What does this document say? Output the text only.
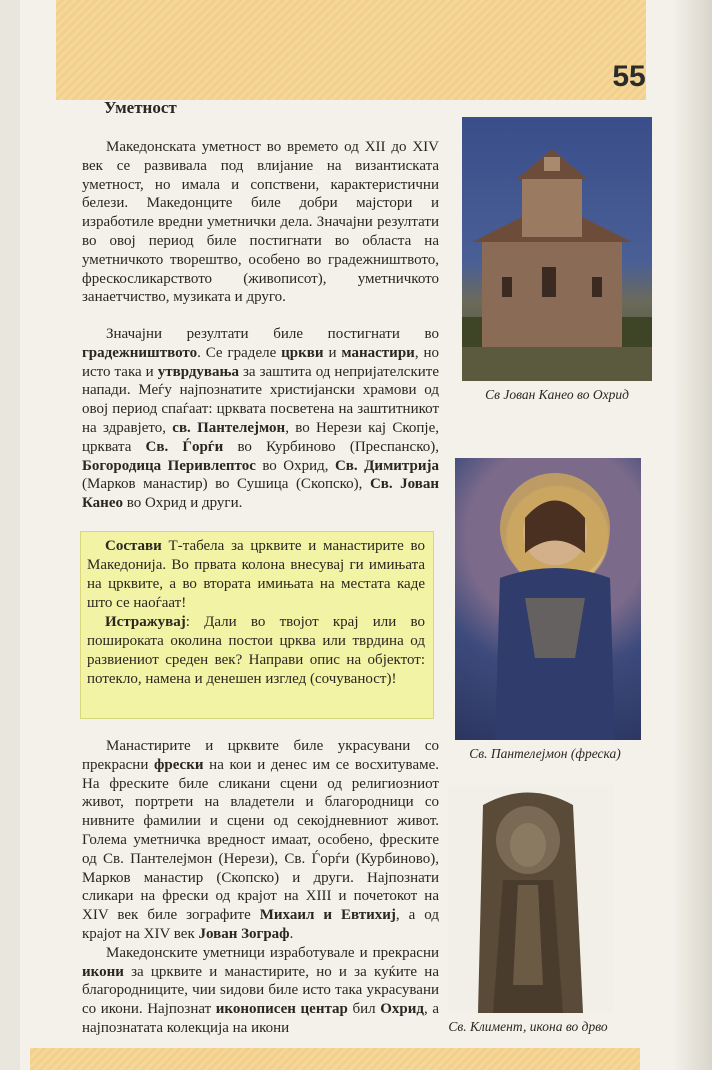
55
Уметност

Македонската уметност во времето од XII до XIV век се развивала под влијание на византиската уметност, но имала и сопствени, карактеристични белези. Македонците биле добри мајстори и изработиле вредни уметнички дела. Значајни резултати во овој период биле постигнати во областа на уметничкото творештво, особено во градежништвото, фрескосликарството (живописот), уметничкото занаетчиство, музиката и друго.

Значајни резултати биле постигнати во градежништвото. Се граделе цркви и манастири, но исто така и утврдувања за заштита од непријателските напади. Меѓу најпознатите христијански храмови од овој период спаѓаат: црквата посветена на заштитникот на здравјето, св. Пантелејмон, во Нерези кај Скопје, црквата Св. Ѓорѓи во Курбиново (Преспанско), Богородица Перивлептос во Охрид, Св. Димитрија (Марков манастир) во Сушица (Скопско), Св. Јован Канео во Охрид и други.

Состави Т-табела за црквите и манастирите во Македонија. Во првата колона внесувај ги имињата на црквите, а во втората имињата на местата каде што се наоѓаат!

Истражувај: Дали во твојот крај или во пошироката околина постои црква или тврдина од развиениот среден век? Направи опис на објектот: потекло, намена и денешен изглед (сочуваност)!

Манастирите и црквите биле украсувани со прекрасни фрески на кои и денес им се восхитуваме. На фреските биле сликани сцени од религиозниот живот, портрети на владетели и благородници со нивните фамилии и сцени од секојдневниот живот. Голема уметничка вредност имаат, особено, фреските од Св. Пантелејмон (Нерези), Св. Ѓорѓи (Курбиново), Марков манастир (Скопско) и други. Најпознати сликари на фрески од крајот на XIII и почетокот на XIV век биле зографите Михаил и Евтихиј, а од крајот на XIV век Јован Зограф.

Македонските уметници изработувале и прекрасни икони за црквите и манастирите, но и за куќите на благородниците, чии ѕидови биле исто така украсувани со икони. Најпознат иконописен центар бил Охрид, а најпознатата колекција на икони

Св Јован Канео во Охрид
Св. Пантелејмон (фреска)
Св. Климент, икона во дрво
